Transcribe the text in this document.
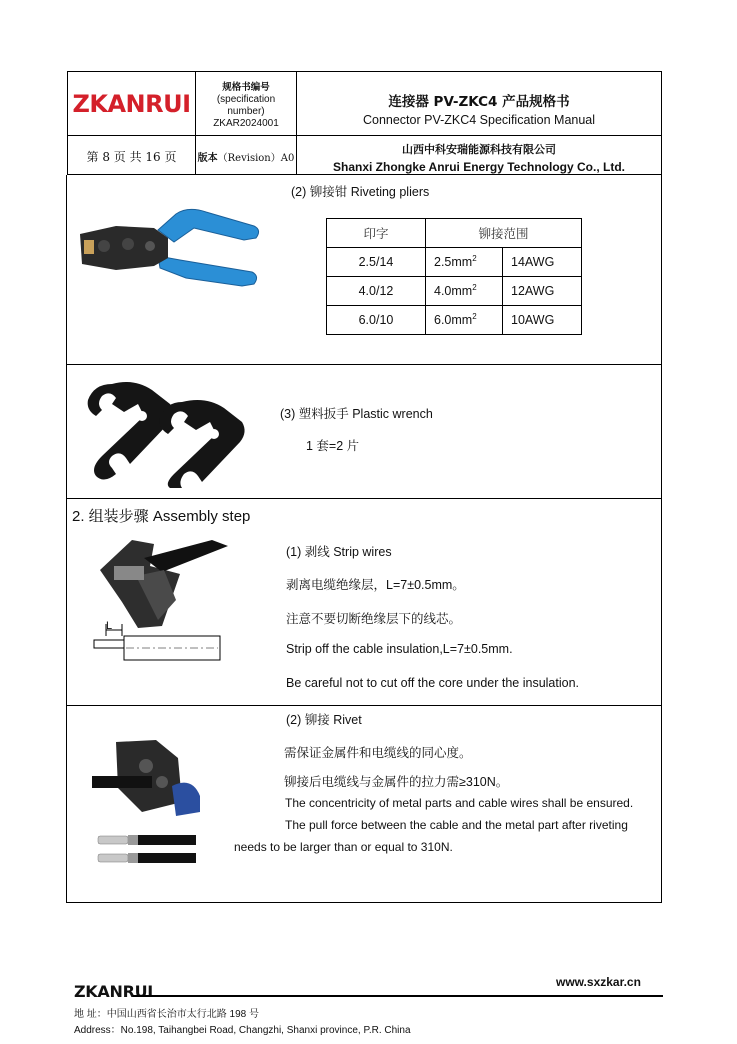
ZKANRUI
规格书编号
(specification
number)
ZKAR2024001
连接器 PV-ZKC4 产品规格书
Connector PV-ZKC4 Specification Manual
第 8 页 共 16 页	版本 （Revision）A0
山西中科安瑞能源科技有限公司
Shanxi Zhongke Anrui Energy Technology Co., Ltd.
(2) 铆接钳 Riveting pliers
印字	铆接范围	
2.5/14	$2.5mm^2$	14AWG
4.0/12	$4.0mm^2$	12AWG
6.0/10	$6.0mm^2$	10AWG
(3) 塑料扳手 Plastic wrench
1 套=2 片
2. 组装步骤 Assembly step
L
(1) 剥线 Strip wires
剥离电缆绝缘层，L=7±0.5mm。
注意不要切断绝缘层下的线芯。
Strip off the cable insulation,L=7±0.5mm.
Be careful not to cut off the core under the insulation.
(2) 铆接 Rivet
需保证金属件和电缆线的同心度。
铆接后电缆线与金属件的拉力需≥310N。
The concentricity of metal parts and cable wires shall be ensured.
The pull force between the cable and the metal part after riveting
needs to be larger than or equal to 310N.
www.sxzkar.cn
ZKANRUI
地 址：中国山西省长治市太行北路 198 号
Address：No.198, Taihangbei Road, Changzhi, Shanxi province, P.R. China
